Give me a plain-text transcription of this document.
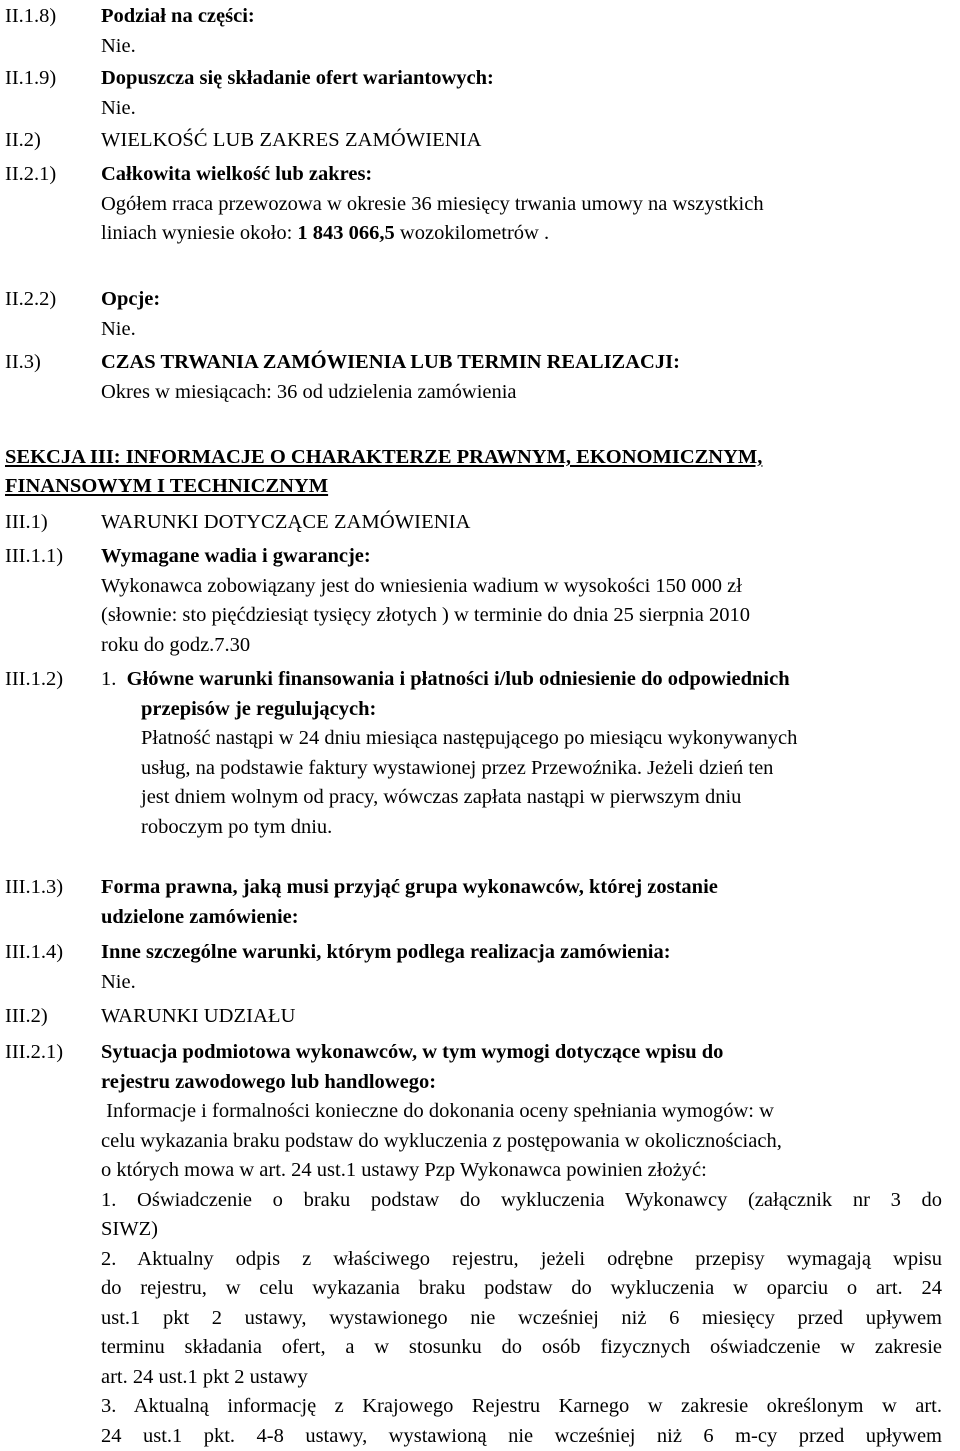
II.1.8) Podział na części:
Nie.
II.1.9) Dopuszcza się składanie ofert wariantowych:
Nie.
II.2)	WIELKOŚĆ LUB ZAKRES ZAMÓWIENIA
II.2.1) Całkowita wielkość lub zakres:
Ogółem rraca przewozowa w okresie 36 miesięcy trwania umowy na wszystkich
liniach wyniesie około: 1 843 066,5 wozokilometrów .
II.2.2) Opcje:
Nie.
II.3)	CZAS TRWANIA ZAMÓWIENIA LUB TERMIN REALIZACJI:
Okres w miesiącach: 36 od udzielenia zamówienia
SEKCJA III: INFORMACJE O CHARAKTERZE PRAWNYM, EKONOMICZNYM,
FINANSOWYM I TECHNICZNYM
III.1)	WARUNKI DOTYCZĄCE ZAMÓWIENIA
III.1.1) Wymagane wadia i gwarancje:
Wykonawca zobowiązany jest do wniesienia wadium w wysokości 150 000 zł
(słownie: sto pięćdziesiąt tysięcy złotych ) w terminie do dnia 25 sierpnia 2010
roku do godz.7.30
III.1.2) 1. Główne warunki finansowania i płatności i/lub odniesienie do odpowiednich
przepisów je regulujących:
Płatność nastąpi w 24 dniu miesiąca następującego po miesiącu wykonywanych
usług, na podstawie faktury wystawionej przez Przewoźnika. Jeżeli dzień ten
jest dniem wolnym od pracy, wówczas zapłata nastąpi w pierwszym dniu
roboczym po tym dniu.
III.1.3) Forma prawna, jaką musi przyjąć grupa wykonawców, której zostanie
udzielone zamówienie:
III.1.4) Inne szczególne warunki, którym podlega realizacja zamówienia:
Nie.
III.2)	WARUNKI UDZIAŁU
III.2.1) Sytuacja podmiotowa wykonawców, w tym wymogi dotyczące wpisu do
rejestru zawodowego lub handlowego:
Informacje i formalności konieczne do dokonania oceny spełniania wymogów: w
celu wykazania braku podstaw do wykluczenia z postępowania w okolicznościach,
o których mowa w art. 24 ust.1 ustawy Pzp Wykonawca powinien złożyć:
1. Oświadczenie o braku podstaw do wykluczenia Wykonawcy (załącznik nr 3 do
SIWZ)
2. Aktualny odpis z właściwego rejestru, jeżeli odrębne przepisy wymagają wpisu
do rejestru, w celu wykazania braku podstaw do wykluczenia w oparciu o art. 24
ust.1 pkt 2 ustawy, wystawionego nie wcześniej niż 6 miesięcy przed upływem
terminu składania ofert, a w stosunku do osób fizycznych oświadczenie w zakresie
art. 24 ust.1 pkt 2 ustawy
3. Aktualną informację z Krajowego Rejestru Karnego w zakresie określonym w art.
24 ust.1 pkt. 4-8 ustawy, wystawioną nie wcześniej niż 6 m-cy przed upływem
